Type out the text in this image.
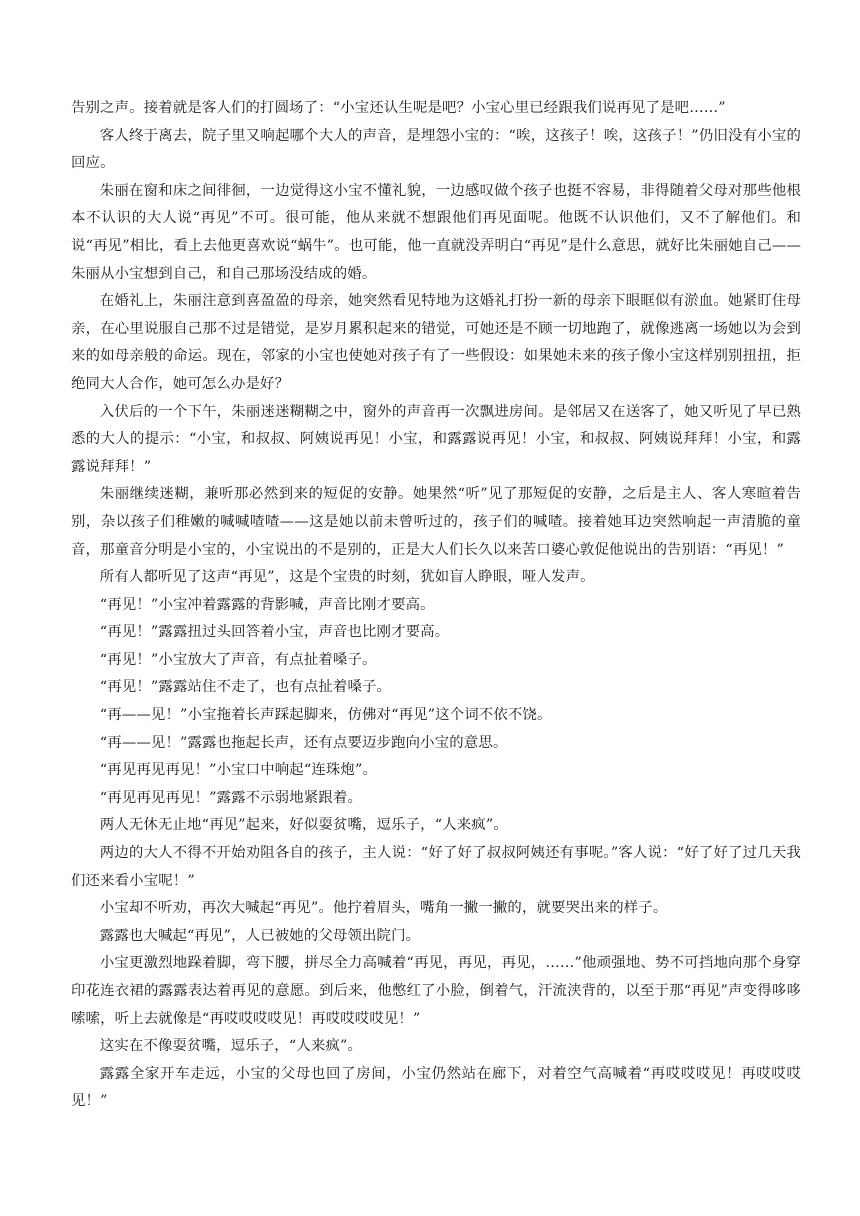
告别之声。接着就是客人们的打圆场了：“小宝还认生呢是吧？小宝心里已经跟我们说再见了是吧……”

客人终于离去，院子里又响起哪个大人的声音，是埋怨小宝的：“唉，这孩子！唉，这孩子！”仍旧没有小宝的回应。

朱丽在窗和床之间徘徊，一边觉得这小宝不懂礼貌，一边感叹做个孩子也挺不容易，非得随着父母对那些他根本不认识的大人说“再见”不可。很可能，他从来就不想跟他们再见面呢。他既不认识他们，又不了解他们。和说“再见”相比，看上去他更喜欢说“蜗牛”。也可能，他一直就没弄明白“再见”是什么意思，就好比朱丽她自己——朱丽从小宝想到自己，和自己那场没结成的婚。

在婚礼上，朱丽注意到喜盈盈的母亲，她突然看见特地为这婚礼打扮一新的母亲下眼眶似有淤血。她紧盯住母亲，在心里说服自己那不过是错觉，是岁月累积起来的错觉，可她还是不顾一切地跑了，就像逃离一场她以为会到来的如母亲般的命运。现在，邻家的小宝也使她对孩子有了一些假设：如果她未来的孩子像小宝这样别别扭扭，拒绝同大人合作，她可怎么办是好？

入伏后的一个下午，朱丽迷迷糊糊之中，窗外的声音再一次飘进房间。是邻居又在送客了，她又听见了早已熟悉的大人的提示：“小宝，和叔叔、阿姨说再见！小宝，和露露说再见！小宝，和叔叔、阿姨说拜拜！小宝，和露露说拜拜！”

朱丽继续迷糊，兼听那必然到来的短促的安静。她果然“听”见了那短促的安静，之后是主人、客人寒暄着告别，杂以孩子们稚嫩的喊喊喳喳——这是她以前未曾听过的，孩子们的喊喳。接着她耳边突然响起一声清脆的童音，那童音分明是小宝的，小宝说出的不是别的，正是大人们长久以来苦口婆心敦促他说出的告别语：“再见！”

所有人都听见了这声“再见”，这是个宝贵的时刻，犹如盲人睁眼，哑人发声。

“再见！”小宝冲着露露的背影喊，声音比刚才要高。

“再见！”露露扭过头回答着小宝，声音也比刚才要高。

“再见！”小宝放大了声音，有点扯着嗓子。

“再见！”露露站住不走了，也有点扯着嗓子。

“再——见！”小宝拖着长声踩起脚来，仿佛对“再见”这个词不依不饶。

“再——见！”露露也拖起长声，还有点要迈步跑向小宝的意思。

“再见再见再见！”小宝口中响起“连珠炮”。

“再见再见再见！”露露不示弱地紧跟着。

两人无休无止地“再见”起来，好似耍贫嘴，逗乐子，“人来疯”。

两边的大人不得不开始劝阻各自的孩子，主人说：“好了好了叔叔阿姨还有事呢。”客人说：“好了好了过几天我们还来看小宝呢！”

小宝却不听劝，再次大喊起“再见”。他拧着眉头，嘴角一撇一撇的，就要哭出来的样子。

露露也大喊起“再见”，人已被她的父母领出院门。

小宝更激烈地跺着脚，弯下腰，拼尽全力高喊着“再见，再见，再见，……”他顽强地、势不可挡地向那个身穿印花连衣裙的露露表达着再见的意愿。到后来，他憋红了小脸，倒着气，汗流浃背的，以至于那“再见”声变得哆哆嗦嗦，听上去就像是“再哎哎哎哎见！再哎哎哎哎见！”

这实在不像耍贫嘴，逗乐子，“人来疯”。

露露全家开车走远，小宝的父母也回了房间，小宝仍然站在廊下，对着空气高喊着“再哎哎哎见！再哎哎哎见！”
